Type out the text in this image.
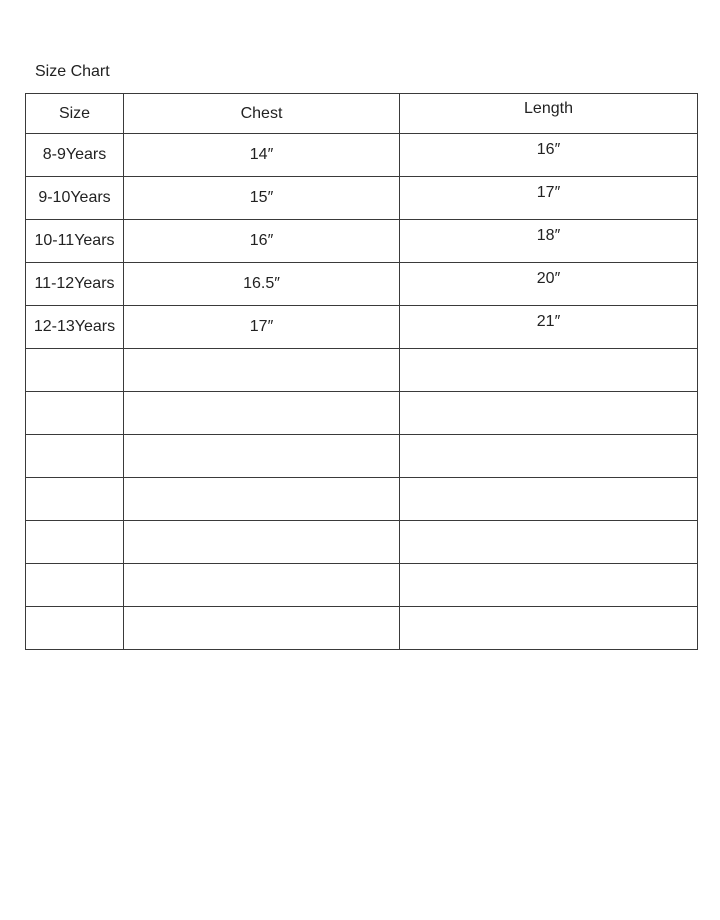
Size Chart
Size	Chest	Length
8-9Years	14″	16″
9-10Years	15″	17″
10-11Years	16″	18″
11-12Years	16.5″	20″
12-13Years	17″	21″
